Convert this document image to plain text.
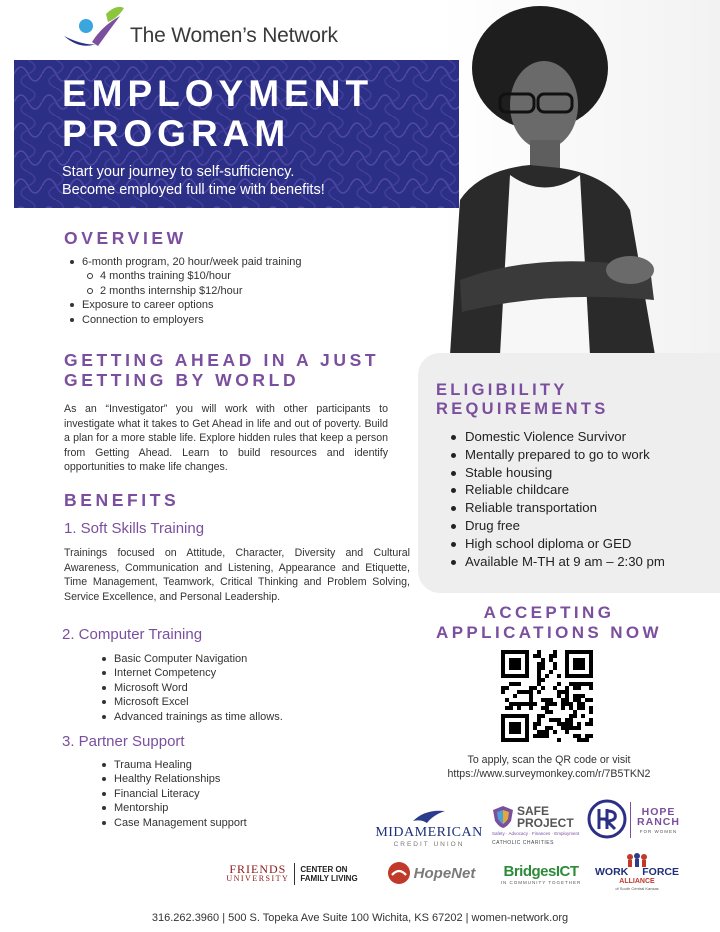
The Women’s Network
EMPLOYMENT
PROGRAM
Start your journey to self-sufficiency.
Become employed full time with benefits!
OVERVIEW
6-month program, 20 hour/week paid training
4 months training $10/hour
2 months internship $12/hour
Exposure to career options
Connection to employers
GETTING AHEAD IN A JUST
GETTING BY WORLD

As an “Investigator” you will work with other participants to investigate what it takes to Get Ahead in life and out of poverty. Build a plan for a more stable life. Explore hidden rules that keep a person from Getting Ahead. Learn to build resources and identify opportunities to make life changes.

BENEFITS
1. Soft Skills Training

Trainings focused on Attitude, Character, Diversity and Cultural Awareness, Communication and Listening, Appearance and Etiquette, Time Management, Teamwork, Critical Thinking and Problem Solving, Service Excellence, and Personal Leadership.

2. Computer Training
Basic Computer Navigation
Internet Competency
Microsoft Word
Microsoft Excel
Advanced trainings as time allows.
3. Partner Support
Trauma Healing
Healthy Relationships
Financial Literacy
Mentorship
Case Management support
ELIGIBILITY
REQUIREMENTS
Domestic Violence Survivor
Mentally prepared to go to work
Stable housing
Reliable childcare
Reliable transportation
Drug free
High school diploma or GED
Available M-TH at 9 am – 2:30 pm
ACCEPTING
APPLICATIONS NOW
To apply, scan the QR code or visit
https://www.surveymonkey.com/r/7B5TKN2
MIDAMERICAN
CREDIT UNION
SAFE
PROJECT
Safety · Advocacy · Finances · Employment
CATHOLIC CHARITIES
HOPE
RANCH
FOR WOMEN
FRIENDS
UNIVERSITY
CENTER ON
FAMILY LIVING	HopeNet BridgesICT
IN COMMUNITY TOGETHER
WORK FORCE
ALLIANCE
of South Central Kansas
316.262.3960 | 500 S. Topeka Ave Suite 100 Wichita, KS 67202 | women-network.org
